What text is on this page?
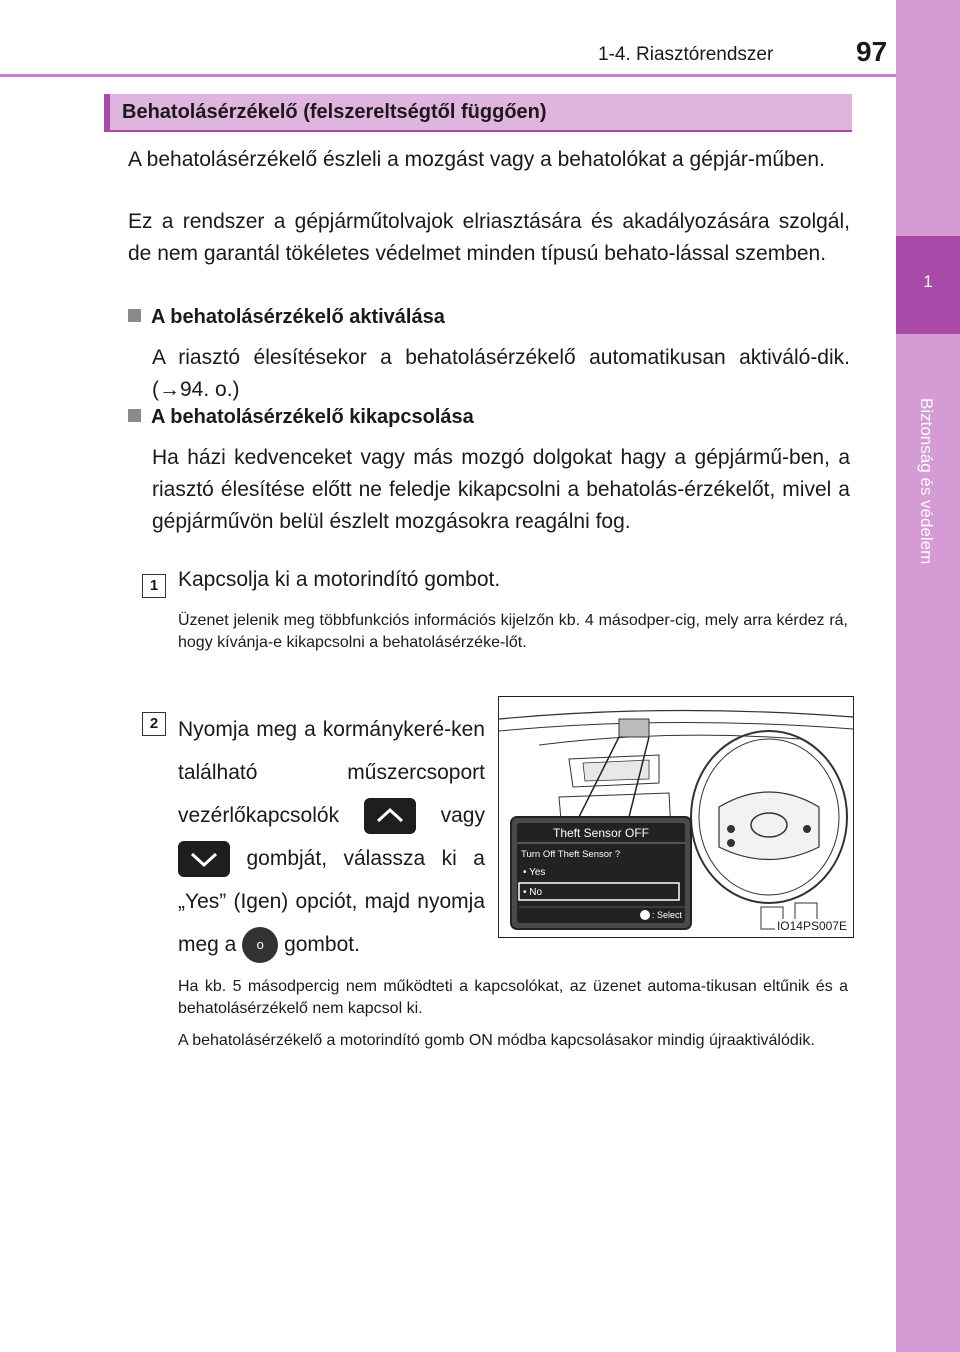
1-4. Riasztórendszer	97
1
Biztonság és védelem
Behatolásérzékelő (felszereltségtől függően)
A behatolásérzékelő észleli a mozgást vagy a behatolókat a gépjár-műben.
Ez a rendszer a gépjárműtolvajok elriasztására és akadályozására szolgál, de nem garantál tökéletes védelmet minden típusú behato-lással szemben.
A behatolásérzékelő aktiválása
A riasztó élesítésekor a behatolásérzékelő automatikusan aktiváló-dik. (→94. o.)
A behatolásérzékelő kikapcsolása
Ha házi kedvenceket vagy más mozgó dolgokat hagy a gépjármű-ben, a riasztó élesítése előtt ne feledje kikapcsolni a behatolás-érzékelőt, mivel a gépjárművön belül észlelt mozgásokra reagálni fog.
1 Kapcsolja ki a motorindító gombot.
Üzenet jelenik meg többfunkciós információs kijelzőn kb. 4 másodper-cig, mely arra kérdez rá, hogy kívánja-e kikapcsolni a behatolásérzéke-lőt.
2 Nyomja meg a kormánykeré-ken található műszercsoport vezérlőkapcsolók	vagy
gombját, válassza ki a „Yes” (Igen) opciót, majd nyomja meg a o gombot.
Theft Sensor OFF
Turn Off Theft Sensor ?
• Yes
• No
: Select
IO14PS007E
Ha kb. 5 másodpercig nem működteti a kapcsolókat, az üzenet automa-tikusan eltűnik és a behatolásérzékelő nem kapcsol ki.
A behatolásérzékelő a motorindító gomb ON módba kapcsolásakor mindig újraaktiválódik.
